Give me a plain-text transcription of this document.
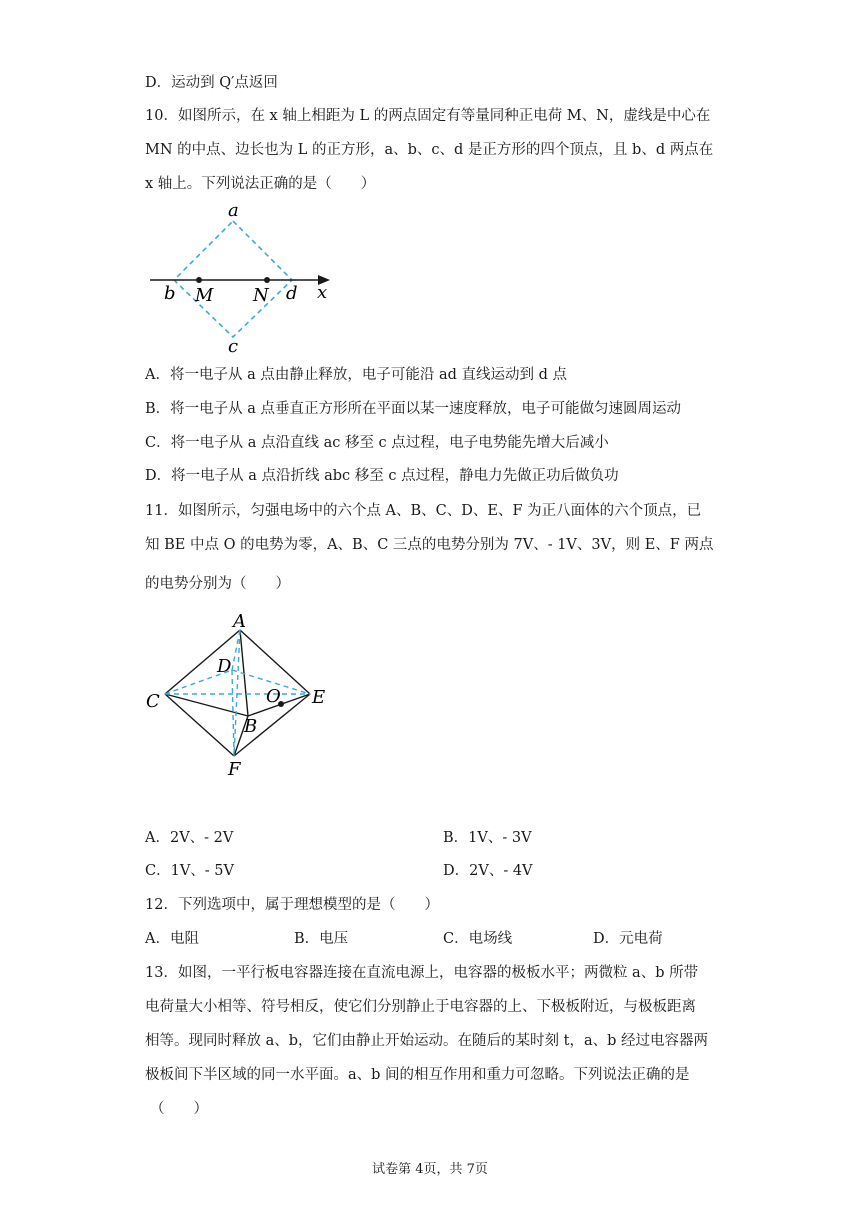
D．运动到 Q′点返回
10．如图所示，在 x 轴上相距为 L 的两点固定有等量同种正电荷 M、N，虚线是中心在
MN 的中点、边长也为 L 的正方形，a、b、c、d 是正方形的四个顶点，且 b、d 两点在
x 轴上。下列说法正确的是（　　）
a
b M N d x
c
A．将一电子从 a 点由静止释放，电子可能沿 ad 直线运动到 d 点
B．将一电子从 a 点垂直正方形所在平面以某一速度释放，电子可能做匀速圆周运动
C．将一电子从 a 点沿直线 ac 移至 c 点过程，电子电势能先增大后减小
D．将一电子从 a 点沿折线 abc 移至 c 点过程，静电力先做正功后做负功
11．如图所示，匀强电场中的六个点 A、B、C、D、E、F 为正八面体的六个顶点，已
知 BE 中点 O 的电势为零，A、B、C 三点的电势分别为 7V、- 1V、3V，则 E、F 两点
的电势分别为（　　）
A
D
C	O E
B
F
A．2V、- 2V	B．1V、- 3V
C．1V、- 5V	D．2V、- 4V
12．下列选项中，属于理想模型的是（　　）
A．电阻	B．电压	C．电场线	D．元电荷
13．如图，一平行板电容器连接在直流电源上，电容器的极板水平；两微粒 a、b 所带
电荷量大小相等、符号相反，使它们分别静止于电容器的上、下极板附近，与极板距离
相等。现同时释放 a、b，它们由静止开始运动。在随后的某时刻 t，a、b 经过电容器两
极板间下半区域的同一水平面。a、b 间的相互作用和重力可忽略。下列说法正确的是
（　　）
试卷第 4页，共 7页
